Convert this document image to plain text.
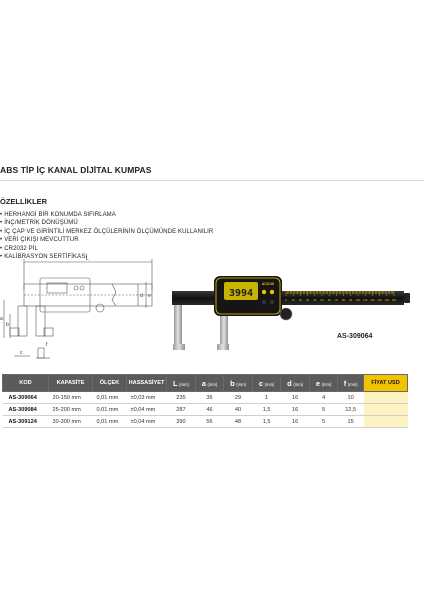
ABS TİP İÇ KANAL DİJİTAL KUMPAS
ÖZELLİKLER
• HERHANGİ BİR KONUMDA SIFIRLAMA
• İNÇ/METRİK DÖNÜŞÜMÜ
• İÇ ÇAP VE GİRİNTİLİ MERKEZ ÖLÇÜLERİNİN ÖLÇÜMÜNDE KULLANILIR
• VERİ ÇIKIŞI MEVCUTTUR
• CR2032 PİL
• KALİBRASYON SERTİFİKASI
L
a
b
c
d e
f
0 10 20 30 40 50 60 70 80 90 100 110 120 130 140 150
3994
ACCUD
AS-309064
KOD	KAPASİTE	ÖLÇEK	HASSASİYET	L (mm)	a (mm)	b (mm)	c (mm)	d (mm)	e (mm)	f (mm)	FİYAT USD
AS-309064	20-150 mm	0,01 mm	±0,03 mm	235	36	29	1	16	4	10	
AS-309084	25-200 mm	0,01 mm	±0,04 mm	287	46	40	1,5	16	5	12,5	
AS-309124	30-300 mm	0,01 mm	±0,04 mm	390	56	48	1,5	16	5	15	
